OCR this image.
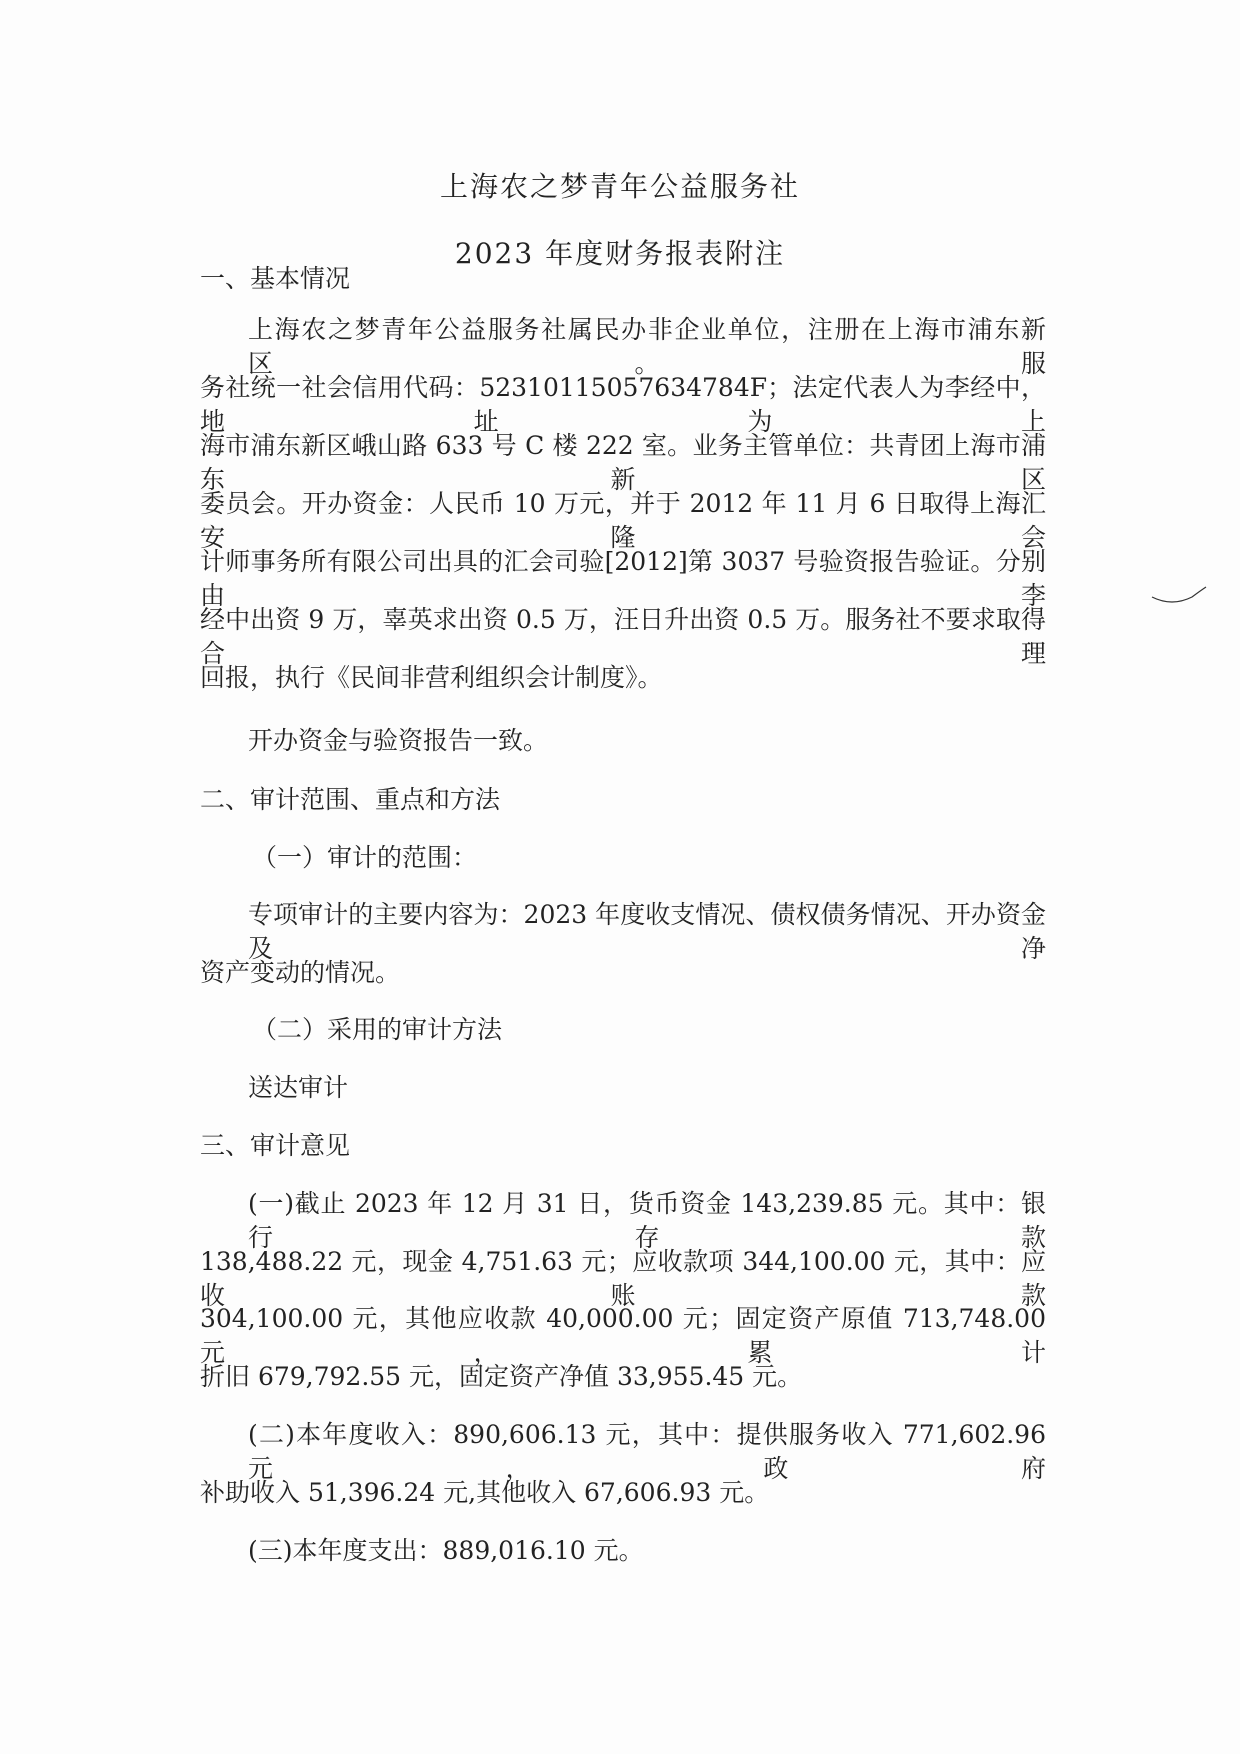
上海农之梦青年公益服务社
2023 年度财务报表附注
一、基本情况
上海农之梦青年公益服务社属民办非企业单位，注册在上海市浦东新区。服
务社统一社会信用代码：52310115057634784F；法定代表人为李经中，地址为上
海市浦东新区峨山路 633 号 C 楼 222 室。业务主管单位：共青团上海市浦东新区
委员会。开办资金：人民币 10 万元，并于 2012 年 11 月 6 日取得上海汇安隆会
计师事务所有限公司出具的汇会司验[2012]第 3037 号验资报告验证。分别由李
经中出资 9 万，辜英求出资 0.5 万，汪日升出资 0.5 万。服务社不要求取得合理
回报，执行《民间非营利组织会计制度》。
开办资金与验资报告一致。
二、审计范围、重点和方法
（一）审计的范围：
专项审计的主要内容为：2023 年度收支情况、债权债务情况、开办资金及净
资产变动的情况。
（二）采用的审计方法
送达审计
三、审计意见
(一)截止 2023 年 12 月 31 日，货币资金 143,239.85 元。其中：银行存款
138,488.22 元，现金 4,751.63 元；应收款项 344,100.00 元，其中：应收账款
304,100.00 元，其他应收款 40,000.00 元；固定资产原值 713,748.00 元，累计
折旧 679,792.55 元，固定资产净值 33,955.45 元。
(二)本年度收入：890,606.13 元，其中：提供服务收入 771,602.96 元，政府
补助收入 51,396.24 元,其他收入 67,606.93 元。
(三)本年度支出：889,016.10 元。
